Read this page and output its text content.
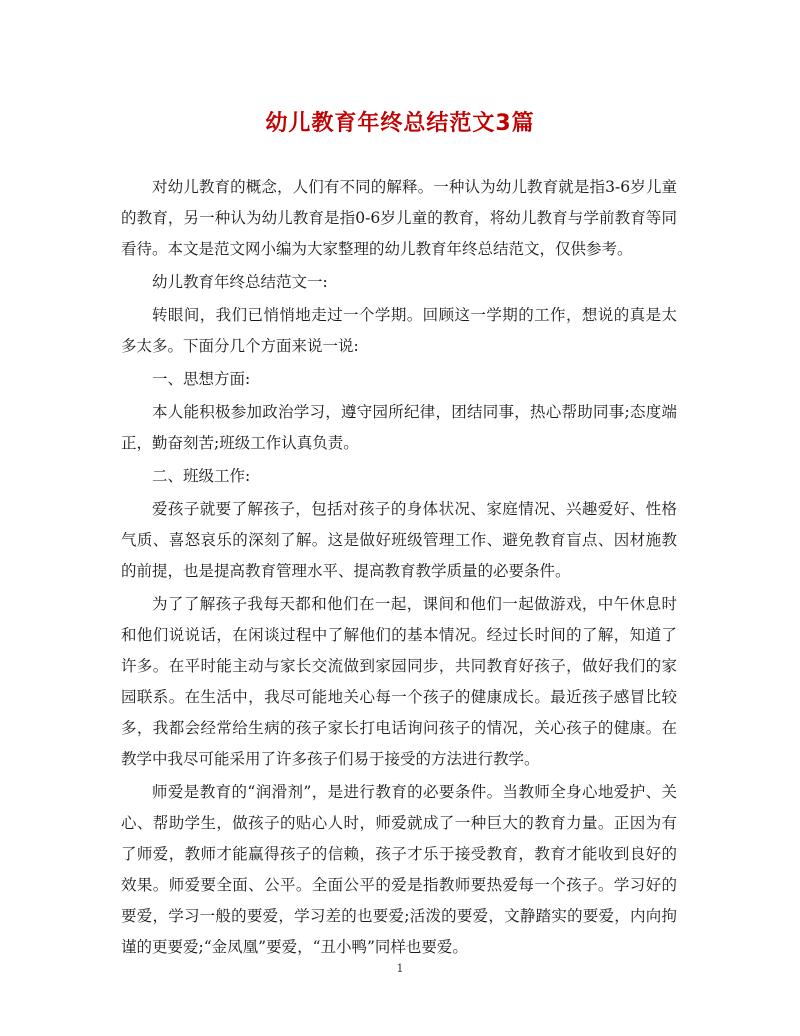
幼儿教育年终总结范文3篇

对幼儿教育的概念，人们有不同的解释。一种认为幼儿教育就是指3-6岁儿童的教育，另一种认为幼儿教育是指0-6岁儿童的教育，将幼儿教育与学前教育等同看待。本文是范文网小编为大家整理的幼儿教育年终总结范文，仅供参考。

幼儿教育年终总结范文一:

转眼间，我们已悄悄地走过一个学期。回顾这一学期的工作，想说的真是太多太多。下面分几个方面来说一说:

一、思想方面:

本人能积极参加政治学习，遵守园所纪律，团结同事，热心帮助同事;态度端正，勤奋刻苦;班级工作认真负责。

二、班级工作:

爱孩子就要了解孩子，包括对孩子的身体状况、家庭情况、兴趣爱好、性格气质、喜怒哀乐的深刻了解。这是做好班级管理工作、避免教育盲点、因材施教的前提，也是提高教育管理水平、提高教育教学质量的必要条件。

为了了解孩子我每天都和他们在一起，课间和他们一起做游戏，中午休息时和他们说说话，在闲谈过程中了解他们的基本情况。经过长时间的了解，知道了许多。在平时能主动与家长交流做到家园同步，共同教育好孩子，做好我们的家园联系。在生活中，我尽可能地关心每一个孩子的健康成长。最近孩子感冒比较多，我都会经常给生病的孩子家长打电话询问孩子的情况，关心孩子的健康。在教学中我尽可能采用了许多孩子们易于接受的方法进行教学。

师爱是教育的“润滑剂”，是进行教育的必要条件。当教师全身心地爱护、关心、帮助学生，做孩子的贴心人时，师爱就成了一种巨大的教育力量。正因为有了师爱，教师才能赢得孩子的信赖，孩子才乐于接受教育，教育才能收到良好的效果。师爱要全面、公平。全面公平的爱是指教师要热爱每一个孩子。学习好的要爱，学习一般的要爱，学习差的也要爱;活泼的要爱，文静踏实的要爱，内向拘谨的更要爱;“金凤凰”要爱，“丑小鸭”同样也要爱。

1
